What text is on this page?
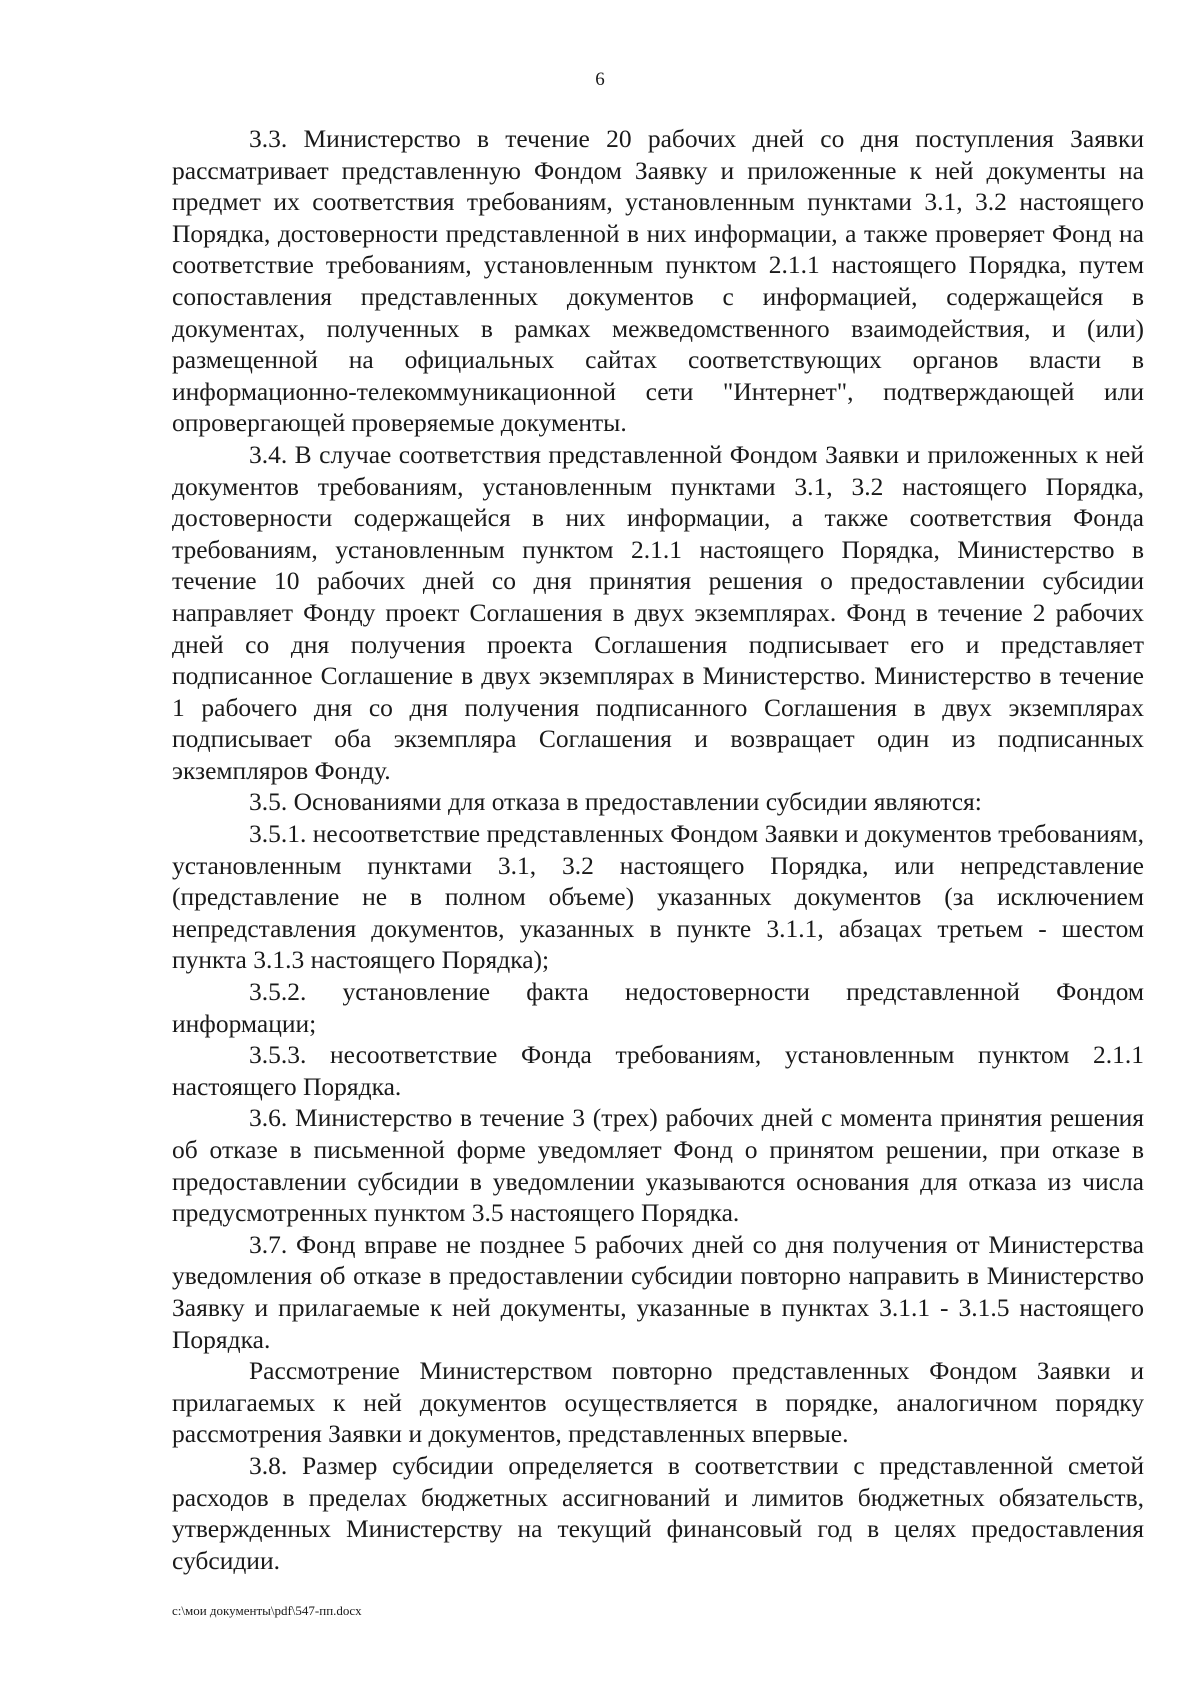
6

3.3. Министерство в течение 20 рабочих дней со дня поступления Заявки рассматривает представленную Фондом Заявку и приложенные к ней документы на предмет их соответствия требованиям, установленным пунктами 3.1, 3.2 настоящего Порядка, достоверности представленной в них информации, а также проверяет Фонд на соответствие требованиям, установленным пунктом 2.1.1 настоящего Порядка, путем сопоставления представленных документов с информацией, содержащейся в документах, полученных в рамках межведомственного взаимодействия, и (или) размещенной на официальных сайтах соответствующих органов власти в информационно-телекоммуникационной сети "Интернет", подтверждающей или опровергающей проверяемые документы.

3.4. В случае соответствия представленной Фондом Заявки и приложенных к ней документов требованиям, установленным пунктами 3.1, 3.2 настоящего Порядка, достоверности содержащейся в них информации, а также соответствия Фонда требованиям, установленным пунктом 2.1.1 настоящего Порядка, Министерство в течение 10 рабочих дней со дня принятия решения о предоставлении субсидии направляет Фонду проект Соглашения в двух экземплярах. Фонд в течение 2 рабочих дней со дня получения проекта Соглашения подписывает его и представляет подписанное Соглашение в двух экземплярах в Министерство. Министерство в течение 1 рабочего дня со дня получения подписанного Соглашения в двух экземплярах подписывает оба экземпляра Соглашения и возвращает один из подписанных экземпляров Фонду.

3.5. Основаниями для отказа в предоставлении субсидии являются:

3.5.1. несоответствие представленных Фондом Заявки и документов требованиям, установленным пунктами 3.1, 3.2 настоящего Порядка, или непредставление (представление не в полном объеме) указанных документов (за исключением непредставления документов, указанных в пункте 3.1.1, абзацах третьем - шестом пункта 3.1.3 настоящего Порядка);

3.5.2. установление факта недостоверности представленной Фондом информации;

3.5.3. несоответствие Фонда требованиям, установленным пунктом 2.1.1 настоящего Порядка.

3.6. Министерство в течение 3 (трех) рабочих дней с момента принятия решения об отказе в письменной форме уведомляет Фонд о принятом решении, при отказе в предоставлении субсидии в уведомлении указываются основания для отказа из числа предусмотренных пунктом 3.5 настоящего Порядка.

3.7. Фонд вправе не позднее 5 рабочих дней со дня получения от Министерства уведомления об отказе в предоставлении субсидии повторно направить в Министерство Заявку и прилагаемые к ней документы, указанные в пунктах 3.1.1 - 3.1.5 настоящего Порядка.

Рассмотрение Министерством повторно представленных Фондом Заявки и прилагаемых к ней документов осуществляется в порядке, аналогичном порядку рассмотрения Заявки и документов, представленных впервые.

3.8. Размер субсидии определяется в соответствии с представленной сметой расходов в пределах бюджетных ассигнований и лимитов бюджетных обязательств, утвержденных Министерству на текущий финансовый год в целях предоставления субсидии.

c:\мои документы\pdf\547-пп.docx
